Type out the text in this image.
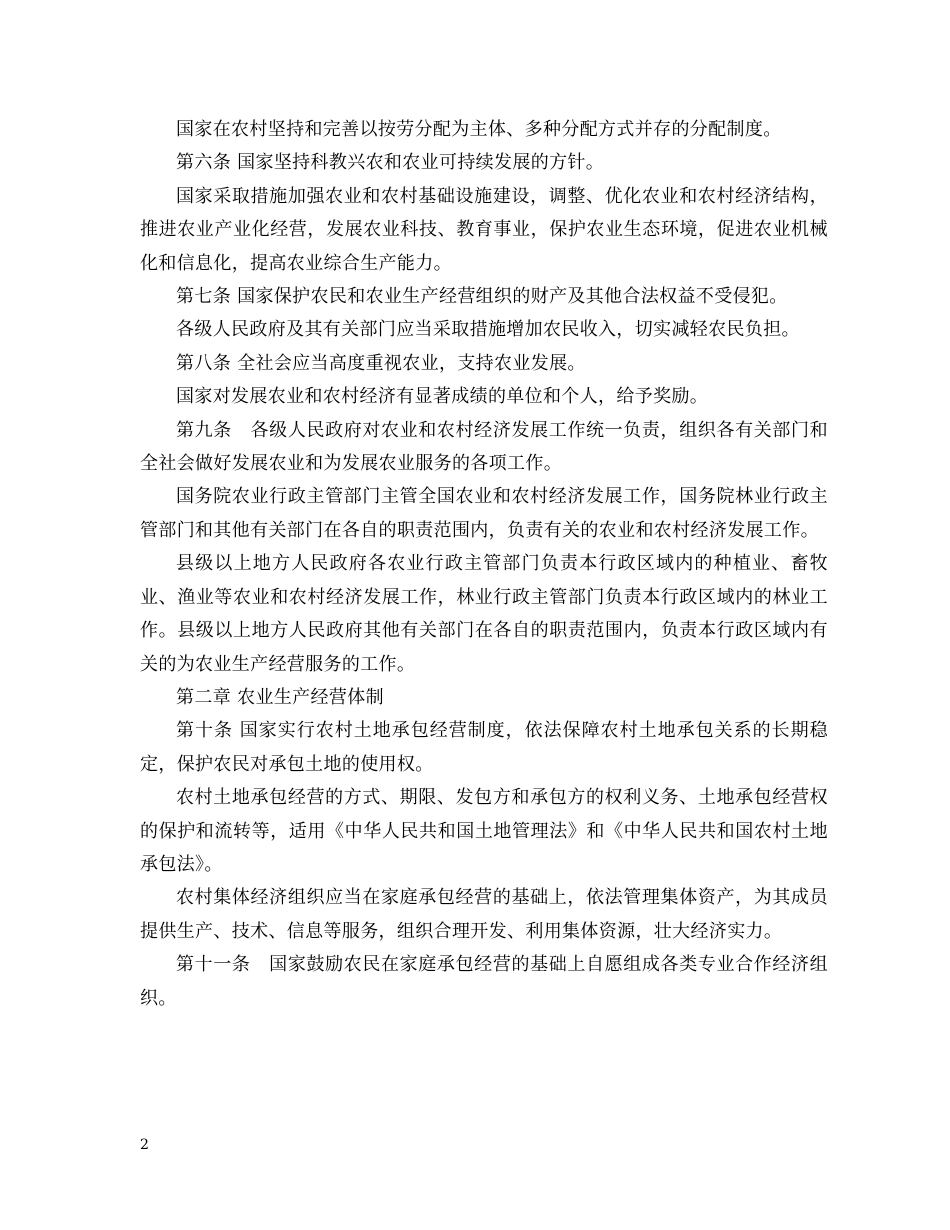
国家在农村坚持和完善以按劳分配为主体、多种分配方式并存的分配制度。

第六条 国家坚持科教兴农和农业可持续发展的方针。

国家采取措施加强农业和农村基础设施建设，调整、优化农业和农村经济结构，推进农业产业化经营，发展农业科技、教育事业，保护农业生态环境，促进农业机械化和信息化，提高农业综合生产能力。

第七条 国家保护农民和农业生产经营组织的财产及其他合法权益不受侵犯。

各级人民政府及其有关部门应当采取措施增加农民收入，切实减轻农民负担。

第八条 全社会应当高度重视农业，支持农业发展。

国家对发展农业和农村经济有显著成绩的单位和个人，给予奖励。

第九条　各级人民政府对农业和农村经济发展工作统一负责，组织各有关部门和全社会做好发展农业和为发展农业服务的各项工作。

国务院农业行政主管部门主管全国农业和农村经济发展工作，国务院林业行政主管部门和其他有关部门在各自的职责范围内，负责有关的农业和农村经济发展工作。

县级以上地方人民政府各农业行政主管部门负责本行政区域内的种植业、畜牧业、渔业等农业和农村经济发展工作，林业行政主管部门负责本行政区域内的林业工作。县级以上地方人民政府其他有关部门在各自的职责范围内，负责本行政区域内有关的为农业生产经营服务的工作。

第二章 农业生产经营体制

第十条 国家实行农村土地承包经营制度，依法保障农村土地承包关系的长期稳定，保护农民对承包土地的使用权。

农村土地承包经营的方式、期限、发包方和承包方的权利义务、土地承包经营权的保护和流转等，适用《中华人民共和国土地管理法》和《中华人民共和国农村土地承包法》。

农村集体经济组织应当在家庭承包经营的基础上，依法管理集体资产，为其成员提供生产、技术、信息等服务，组织合理开发、利用集体资源，壮大经济实力。

第十一条　国家鼓励农民在家庭承包经营的基础上自愿组成各类专业合作经济组织。

2
